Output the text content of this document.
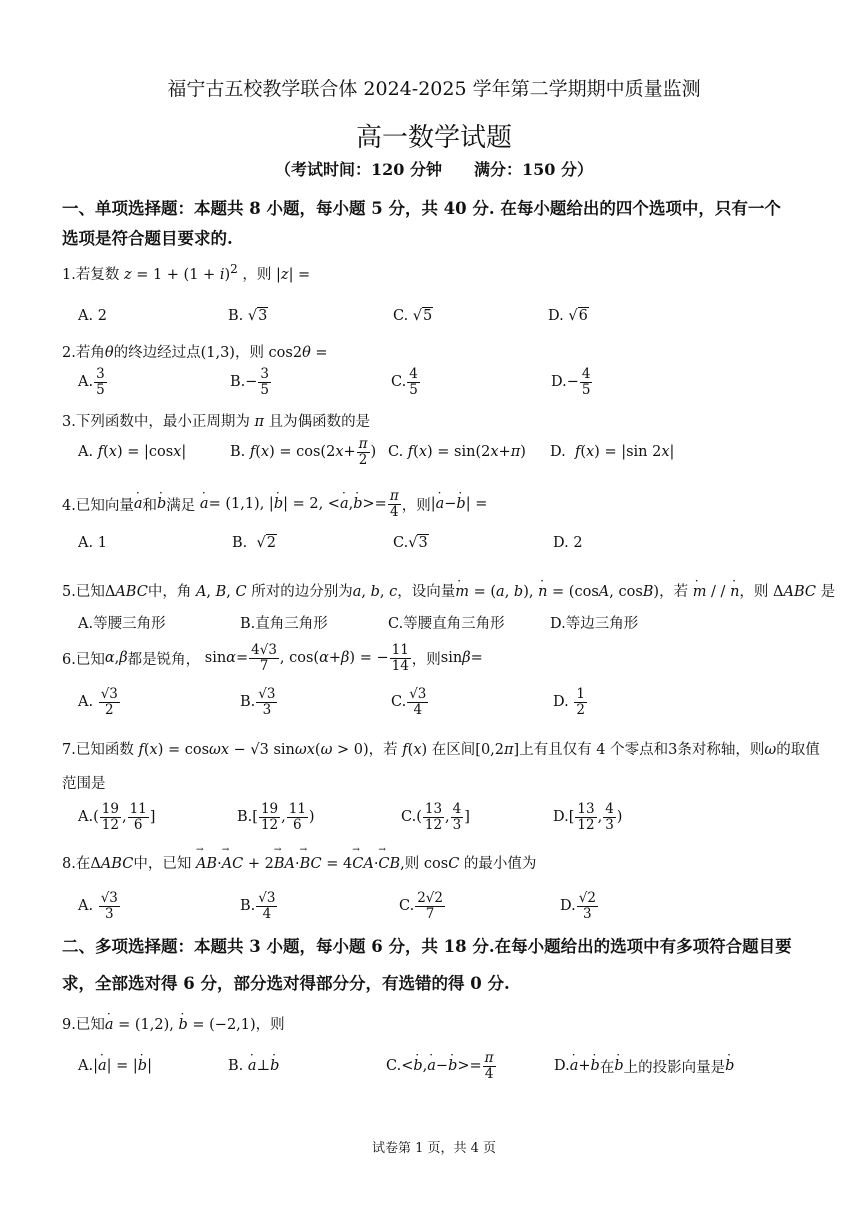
福宁古五校教学联合体 2024-2025 学年第二学期期中质量监测
高一数学试题
（考试时间：120 分钟　　满分：150 分）
一、单项选择题：本题共 8 小题，每小题 5 分，共 40 分. 在每小题给出的四个选项中，只有一个
选项是符合题目要求的.
1.若复数 $z = 1 + (1 + i)^2$ ，则 |z| =
A. 2	B. √ 3	C. √ 5	D. √ 6
2.若角θ的终边经过点(1,3)，则 cos2θ =
A. $\frac{3}{5}$	B. − $\frac{3}{5}$	C. $\frac{4}{5}$	D. − $\frac{4}{5}$
3.下列函数中，最小正周期为 π 且为偶函数的是
A.
f ( x ) = |cos x |	B.
f ( x ) = cos(2 $x + \frac{\pi}{2}$ ) C.
f ( x ) = sin(2 x + π ) D.
f ( x ) = |sin 2 x |
4.已知向量 · a 和 · b 满足
· a = (1,1), | · b | = 2, < · a , · $b >= \frac{\pi}{4}$ ，则 | · a − · b | =
A. 1	B. √ 2	C. √ 3	D. 2
5.已知ΔABC中，角 A, B, C 所对的边分别为a, b, c，设向量· m = (a, b), · n = (cosA, cosB)，若 · m / / · n，则 ΔABC 是
A.等腰三角形	B.直角三角形	C.等腰直角三角形	D.等边三角形
6.已知 α , β 都是锐角， $\sin \alpha = \frac{4√3}{7}$ , cos( α + β ) = − $\frac{11}{14}$ ，则 sin β =
A.
$\frac{√3}{2}$	B. $\frac{√3}{3}$	C. $\frac{√3}{4}$	D.
$\frac{1}{2}$
7.已知函数 f(x) = cosωx − √3 sinωx(ω > 0)，若 f(x) 在区间[0,2π]上有且仅有 4 个零点和3条对称轴，则ω的取值
范围是
A. ( $\frac{19}{12}$ , $\frac{11}{6}$ ]	B. [ $\frac{19}{12}$ , $\frac{11}{6}$ )	C. ( $\frac{13}{12}$ , $\frac{4}{3}$ ]	D. [ $\frac{13}{12}$ , $\frac{4}{3}$ )
8.在ΔABC中，已知 → AB·→ AC + 2→ BA·→ BC = 4→ CA·→ CB,则 cosC 的最小值为
A.
$\frac{√3}{3}$	B. $\frac{√3}{4}$	C. $\frac{2√2}{7}$	D. $\frac{√2}{3}$
二、多项选择题：本题共 3 小题，每小题 6 分，共 18 分.在每小题给出的选项中有多项符合题目要
求，全部选对得 6 分，部分选对得部分分，有选错的得 0 分.
9.已知· a = (1,2), · b = (−2,1)，则
A. | · a | = | · b |	B.
· a ⊥ · b	C. < · b , · a − · $b >= \frac{\pi}{4}$	D. · a + · b 在 · b 上的投影向量是 · b
试卷第 1 页，共 4 页
